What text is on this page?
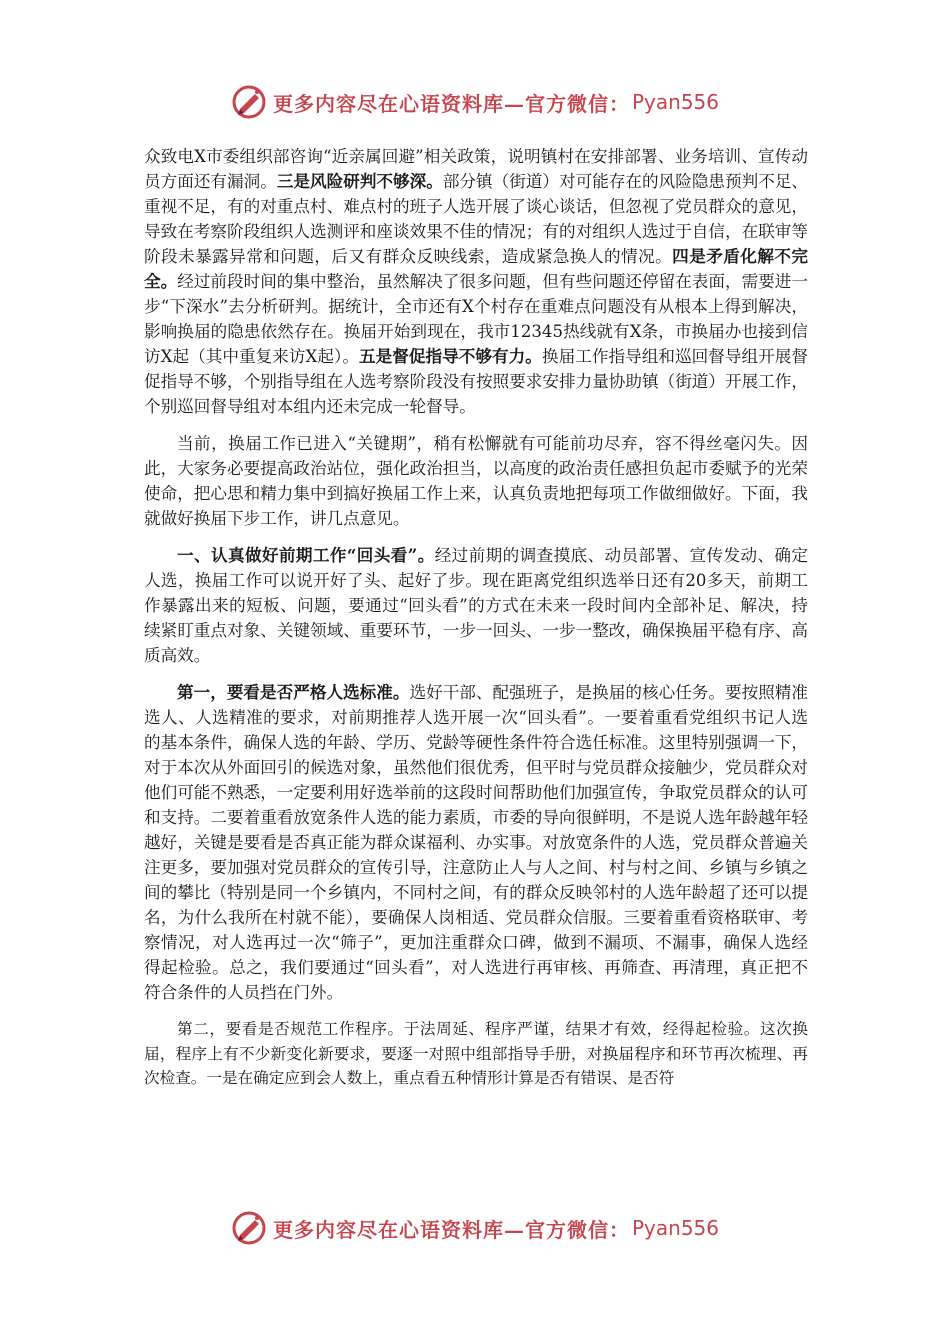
更多内容尽在心语资料库—官方微信： Pyan556

众致电X市委组织部咨询“近亲属回避”相关政策，说明镇村在安排部署、业务培训、宣传动员方面还有漏洞。三是风险研判不够深。部分镇（街道）对可能存在的风险隐患预判不足、重视不足，有的对重点村、难点村的班子人选开展了谈心谈话，但忽视了党员群众的意见，导致在考察阶段组织人选测评和座谈效果不佳的情况；有的对组织人选过于自信，在联审等阶段未暴露异常和问题，后又有群众反映线索，造成紧急换人的情况。四是矛盾化解不完全。经过前段时间的集中整治，虽然解决了很多问题，但有些问题还停留在表面，需要进一步“下深水”去分析研判。据统计，全市还有X个村存在重难点问题没有从根本上得到解决，影响换届的隐患依然存在。换届开始到现在，我市12345热线就有X条，市换届办也接到信访X起（其中重复来访X起）。五是督促指导不够有力。换届工作指导组和巡回督导组开展督促指导不够，个别指导组在人选考察阶段没有按照要求安排力量协助镇（街道）开展工作，个别巡回督导组对本组内还未完成一轮督导。

当前，换届工作已进入“关键期”，稍有松懈就有可能前功尽弃，容不得丝毫闪失。因此，大家务必要提高政治站位，强化政治担当，以高度的政治责任感担负起市委赋予的光荣使命，把心思和精力集中到搞好换届工作上来，认真负责地把每项工作做细做好。下面，我就做好换届下步工作，讲几点意见。

一、认真做好前期工作“回头看”。经过前期的调查摸底、动员部署、宣传发动、确定人选，换届工作可以说开好了头、起好了步。现在距离党组织选举日还有20多天，前期工作暴露出来的短板、问题，要通过“回头看”的方式在未来一段时间内全部补足、解决，持续紧盯重点对象、关键领域、重要环节，一步一回头、一步一整改，确保换届平稳有序、高质高效。

第一，要看是否严格人选标准。选好干部、配强班子，是换届的核心任务。要按照精准选人、人选精准的要求，对前期推荐人选开展一次“回头看”。一要着重看党组织书记人选的基本条件，确保人选的年龄、学历、党龄等硬性条件符合选任标准。这里特别强调一下，对于本次从外面回引的候选对象，虽然他们很优秀，但平时与党员群众接触少，党员群众对他们可能不熟悉，一定要利用好选举前的这段时间帮助他们加强宣传，争取党员群众的认可和支持。二要着重看放宽条件人选的能力素质，市委的导向很鲜明，不是说人选年龄越年轻越好，关键是要看是否真正能为群众谋福利、办实事。对放宽条件的人选，党员群众普遍关注更多，要加强对党员群众的宣传引导，注意防止人与人之间、村与村之间、乡镇与乡镇之间的攀比（特别是同一个乡镇内，不同村之间，有的群众反映邻村的人选年龄超了还可以提名，为什么我所在村就不能），要确保人岗相适、党员群众信服。三要着重看资格联审、考察情况，对人选再过一次“筛子”，更加注重群众口碑，做到不漏项、不漏事，确保人选经得起检验。总之，我们要通过“回头看”，对人选进行再审核、再筛查、再清理，真正把不符合条件的人员挡在门外。

第二，要看是否规范工作程序。于法周延、程序严谨，结果才有效，经得起检验。这次换届，程序上有不少新变化新要求，要逐一对照中组部指导手册，对换届程序和环节再次梳理、再次检查。一是在确定应到会人数上，重点看五种情形计算是否有错误、是否符

更多内容尽在心语资料库—官方微信： Pyan556
